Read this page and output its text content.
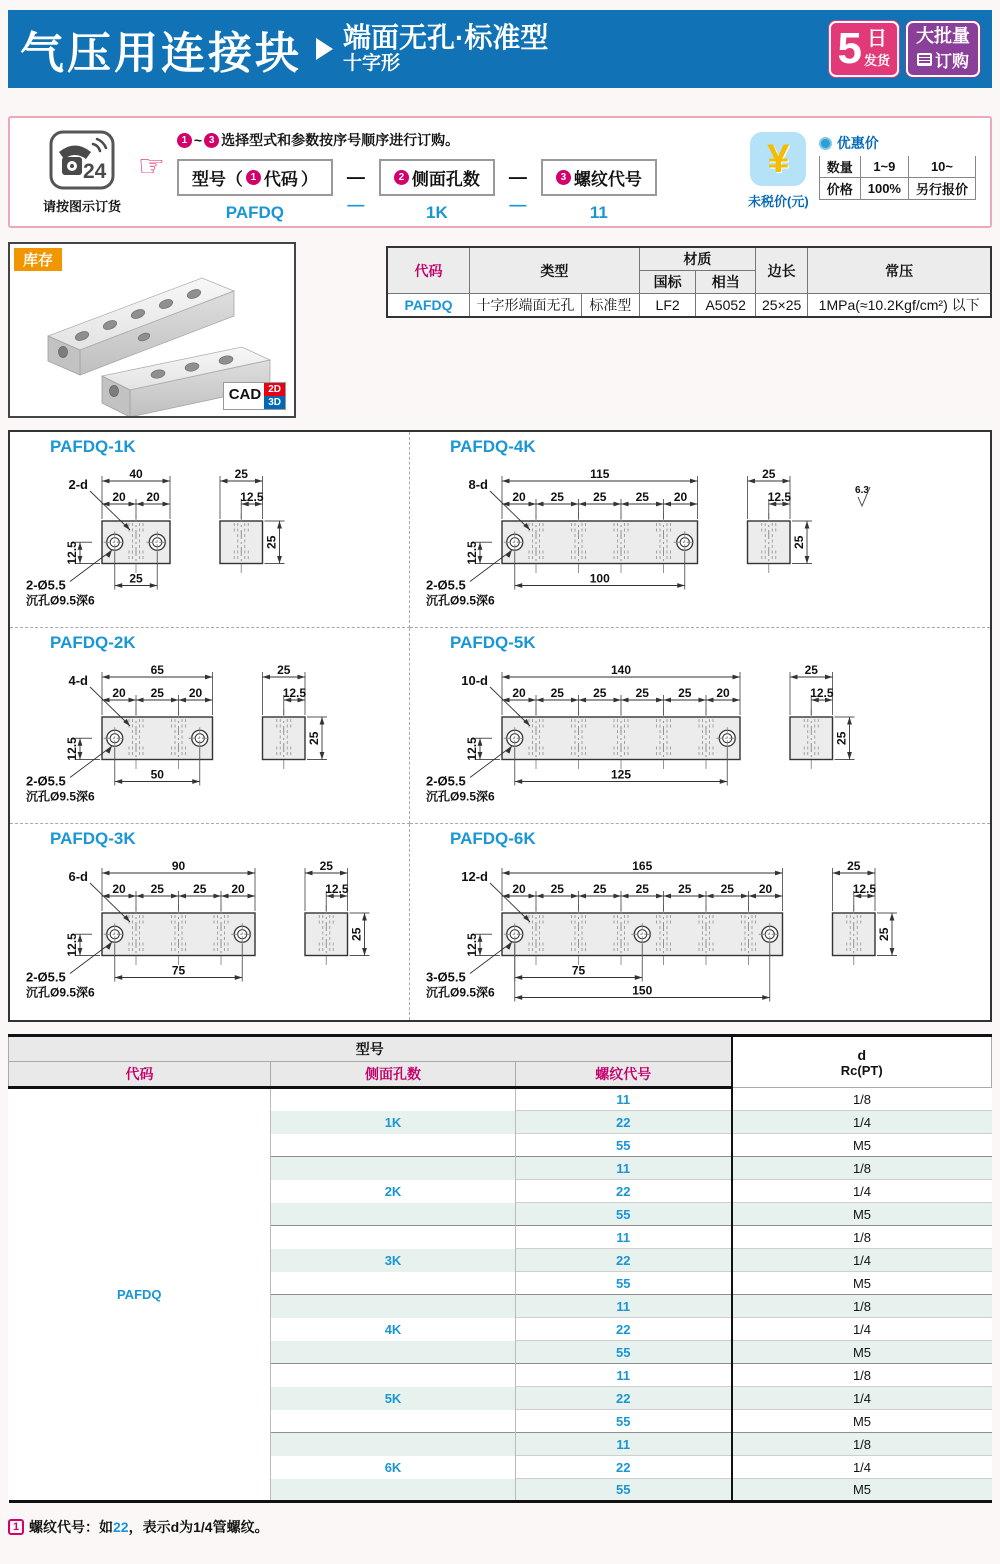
气压用连接块 端面无孔·标准型
十字形	5 日
发货
大批量
订购
24
请按图示订货
☞
1 ~ 3 选择型式和参数按序号顺序进行订购。
型号（ 1 代码 ）
PAFDQ
—
—
2 侧面孔数
1K
—
—
3 螺纹代号
11
¥
未税价(元)
优惠价
数量	1~9	10~
价格	100%	另行报价
库存
CAD 2D
3D
代码	类型		材质		边长	常压
			国标	相当		
PAFDQ	十字形端面无孔	标准型	LF2	A5052	25×25	1MPa(≈10.2Kgf/cm²) 以下
PAFDQ-1K
40
20 20
2-d
12.5
25
2-Ø5.5
沉孔Ø9.5深6
25
12.5
25
PAFDQ-4K
115
20 25 25 25 20
8-d
12.5
100
2-Ø5.5
沉孔Ø9.5深6
25
12.5
25
6.3
PAFDQ-2K
65
20 25 20
4-d
12.5
50
2-Ø5.5
沉孔Ø9.5深6
25
12.5
25
PAFDQ-5K
140
20 25 25 25 25 20
10-d
12.5
125
2-Ø5.5
沉孔Ø9.5深6
25
12.5
25
PAFDQ-3K
90
20 25 25 20
6-d
12.5
75
2-Ø5.5
沉孔Ø9.5深6
25
12.5
25
PAFDQ-6K
165
20 25 25 25 25 25 20
12-d
12.5
75
150
3-Ø5.5
沉孔Ø9.5深6
25
12.5
25
型号			d
Rc(PT)

代码	侧面孔数	螺纹代号	
PAFDQ		11	1/8
	1K	22	1/4
		55	M5
		11	1/8
	2K	22	1/4
		55	M5
		11	1/8
	3K	22	1/4
		55	M5
		11	1/8
	4K	22	1/4
		55	M5
		11	1/8
	5K	22	1/4
		55	M5
		11	1/8
	6K	22	1/4
		55	M5
1 螺纹代号：如22，表示d为1/4管螺纹。
